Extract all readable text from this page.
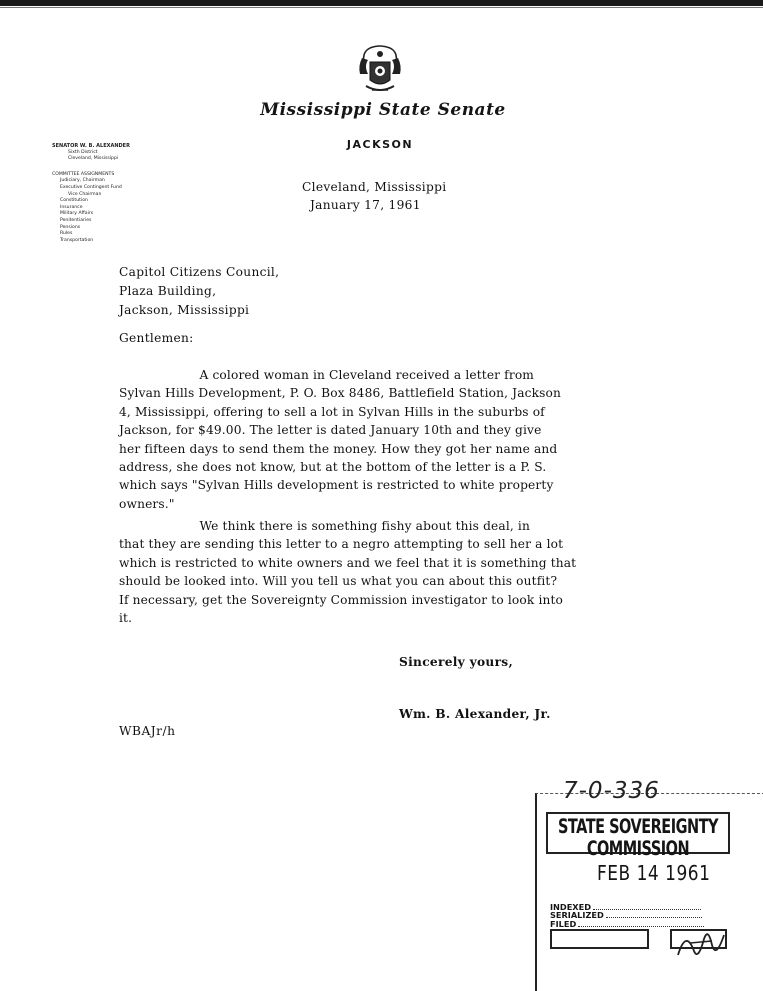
Mississippi State Senate
JACKSON
SENATOR W. B. ALEXANDER
Sixth District
Cleveland, Mississippi
COMMITTEE ASSIGNMENTS
Judiciary, Chairman
Executive Contingent Fund
Vice Chairman
Constitution
Insurance
Military Affairs
Penitentiaries
Pensions
Rules
Transportation
Cleveland, Mississippi
January 17, 1961
Capitol Citizens Council,
Plaza Building,
Jackson, Mississippi
Gentlemen:
A colored woman in Cleveland received a letter from
Sylvan Hills Development, P. O. Box 8486, Battlefield Station, Jackson
4, Mississippi, offering to sell a lot in Sylvan Hills in the suburbs of
Jackson, for $49.00. The letter is dated January 10th and they give
her fifteen days to send them the money. How they got her name and
address, she does not know, but at the bottom of the letter is a P. S.
which says "Sylvan Hills development is restricted to white property
owners."
We think there is something fishy about this deal, in
that they are sending this letter to a negro attempting to sell her a lot
which is restricted to white owners and we feel that it is something that
should be looked into. Will you tell us what you can about this outfit?
If necessary, get the Sovereignty Commission investigator to look into
it.
Sincerely yours,
Wm. B. Alexander, Jr.
WBAJr/h
7-0-336
STATE SOVEREIGNTY COMMISSION
FEB 14 1961
INDEXED
SERIALIZED
FILED
